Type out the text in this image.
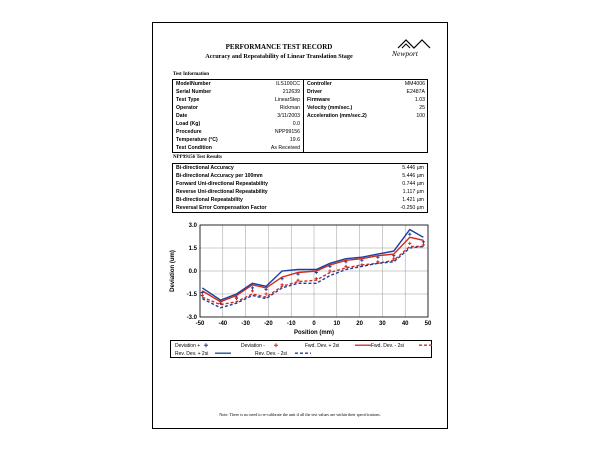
PERFORMANCE TEST RECORD
Accuracy and Repeatability of Linear Translation Stage	Newport
Test Information
ModelNumber	ILS100CC
Serial Number	212639
Test Type	LinearStep
Operator	Rickman
Date	3/11/2003
Load (Kg)	0.0
Procedure	NPP99156
Temperature (°C)	19.6
Test Condition	As Received
Controller	MM4006
Driver	E2487A
Firmware	1.03
Velocity (mm/sec.)	25
Acceleration (mm/sec.2)	100
NPP99156 Test Results
Bi-directional Accuracy	5.446 µm
Bi-directional Accuracy per 100mm	5.446 µm
Forward Uni-directional Repeatability	0.744 µm
Reverse Uni-directional Repeatability	1.117 µm
Bi-directional Repeatability	1.421 µm
Reversal Error Compensation Factor	-0.250 µm
-50 -40 -30 -20 -10	0	10	20	30	40	50
3.0
1.5
0.0
-1.5
-3.0
Position (mm)
Deviation (um)
Deviation +	Deviation -	Fwd. Dev. + 2si	Fwd. Dev. - 2si
Rev. Dev. + 2si	Rev. Dev. - 2si
Note: There is no need to re-calibrate the unit if all the test values are within their specifications.
